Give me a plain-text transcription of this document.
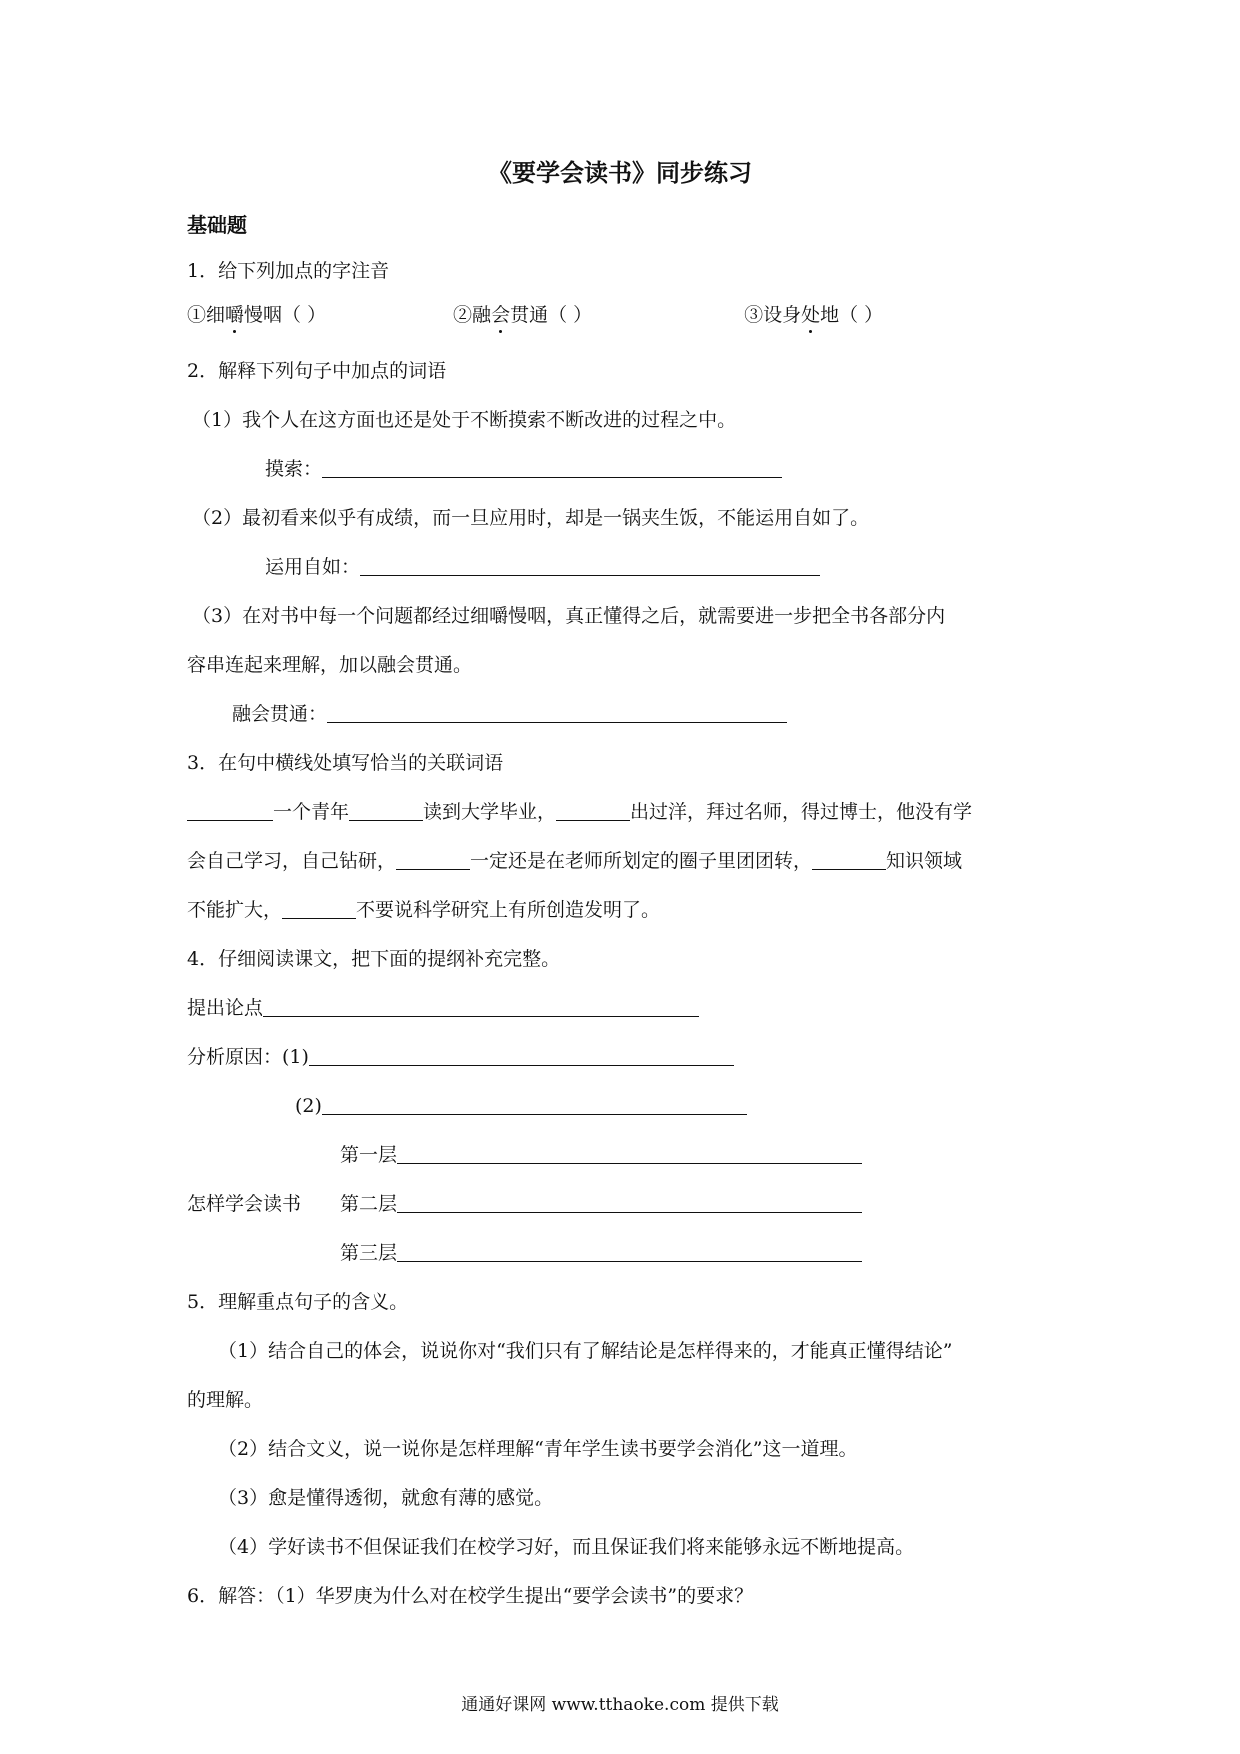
《要学会读书》同步练习
基础题
1．给下列加点的字注音
①细嚼慢咽（ ）	②融会贯通（ ）	③设身处地（ ）
2．解释下列句子中加点的词语
（1）我个人在这方面也还是处于不断摸索不断改进的过程之中。
摸索：
（2）最初看来似乎有成绩，而一旦应用时，却是一锅夹生饭，不能运用自如了。
运用自如：
（3）在对书中每一个问题都经过细嚼慢咽，真正懂得之后，就需要进一步把全书各部分内
容串连起来理解，加以融会贯通。
融会贯通：
3．在句中横线处填写恰当的关联词语
一个青年	读到大学毕业，	出过洋，拜过名师，得过博士，他没有学
会自己学习，自己钻研，	一定还是在老师所划定的圈子里团团转，	知识领域
不能扩大，	不要说科学研究上有所创造发明了。
4．仔细阅读课文，把下面的提纲补充完整。
提出论点
分析原因：(1)
(2)
第一层
怎样学会读书 第二层
第三层
5．理解重点句子的含义。
（1）结合自己的体会，说说你对“我们只有了解结论是怎样得来的，才能真正懂得结论”
的理解。
（2）结合文义，说一说你是怎样理解“青年学生读书要学会消化”这一道理。
（3）愈是懂得透彻，就愈有薄的感觉。
（4）学好读书不但保证我们在校学习好，而且保证我们将来能够永远不断地提高。
6．解答：（1）华罗庚为什么对在校学生提出“要学会读书”的要求？
通通好课网 www.tthaoke.com 提供下载
